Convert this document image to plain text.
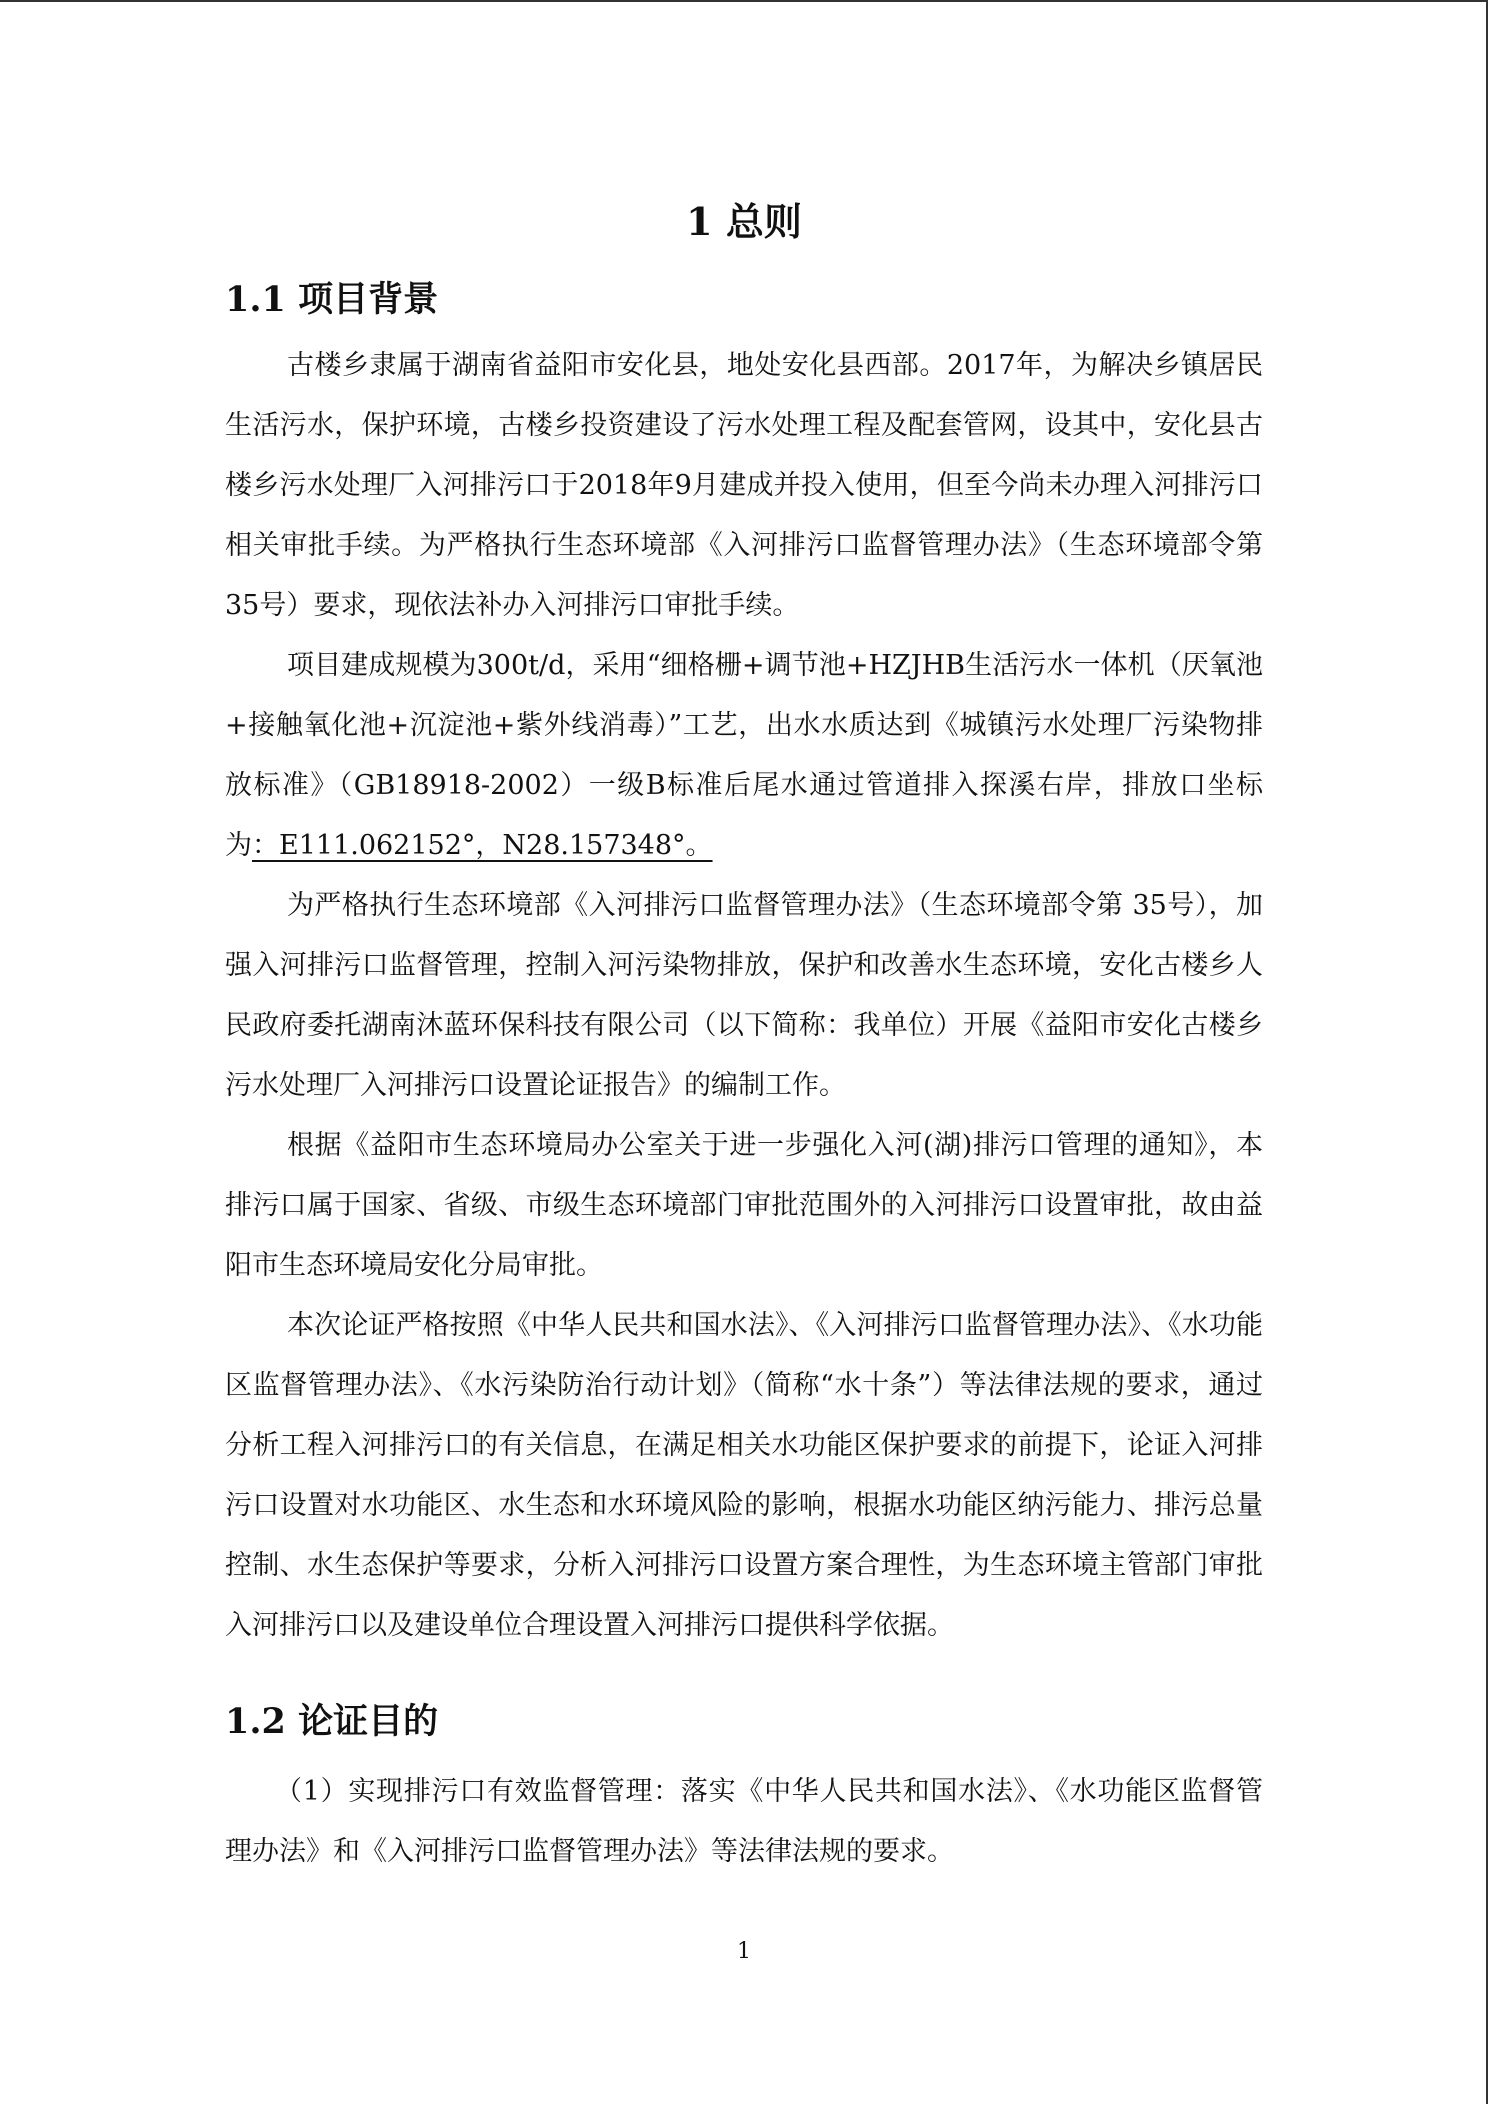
1 总则
1.1 项目背景

古楼乡隶属于湖南省益阳市安化县，地处安化县西部。2017年，为解决乡镇居民生活污水，保护环境，古楼乡投资建设了污水处理工程及配套管网，设其中，安化县古楼乡污水处理厂入河排污口于2018年9月建成并投入使用，但至今尚未办理入河排污口相关审批手续。为严格执行生态环境部《入河排污口监督管理办法》（生态环境部令第35号）要求，现依法补办入河排污口审批手续。

项目建成规模为300t/d，采用“细格栅+调节池+HZJHB生活污水一体机（厌氧池+接触氧化池+沉淀池+紫外线消毒）”工艺，出水水质达到《城镇污水处理厂污染物排放标准》（GB18918-2002）一级B标准后尾水通过管道排入探溪右岸，排放口坐标为：E111.062152°，N28.157348°。

为严格执行生态环境部《入河排污口监督管理办法》（生态环境部令第 35号），加强入河排污口监督管理，控制入河污染物排放，保护和改善水生态环境，安化古楼乡人民政府委托湖南沐蓝环保科技有限公司（以下简称：我单位）开展《益阳市安化古楼乡污水处理厂入河排污口设置论证报告》的编制工作。

根据《益阳市生态环境局办公室关于进一步强化入河(湖)排污口管理的通知》，本排污口属于国家、省级、市级生态环境部门审批范围外的入河排污口设置审批，故由益阳市生态环境局安化分局审批。

本次论证严格按照《中华人民共和国水法》、《入河排污口监督管理办法》、《水功能区监督管理办法》、《水污染防治行动计划》（简称“水十条”）等法律法规的要求，通过分析工程入河排污口的有关信息，在满足相关水功能区保护要求的前提下，论证入河排污口设置对水功能区、水生态和水环境风险的影响，根据水功能区纳污能力、排污总量控制、水生态保护等要求，分析入河排污口设置方案合理性，为生态环境主管部门审批入河排污口以及建设单位合理设置入河排污口提供科学依据。

1.2 论证目的

（1）实现排污口有效监督管理：落实《中华人民共和国水法》、《水功能区监督管理办法》和《入河排污口监督管理办法》等法律法规的要求。

1
